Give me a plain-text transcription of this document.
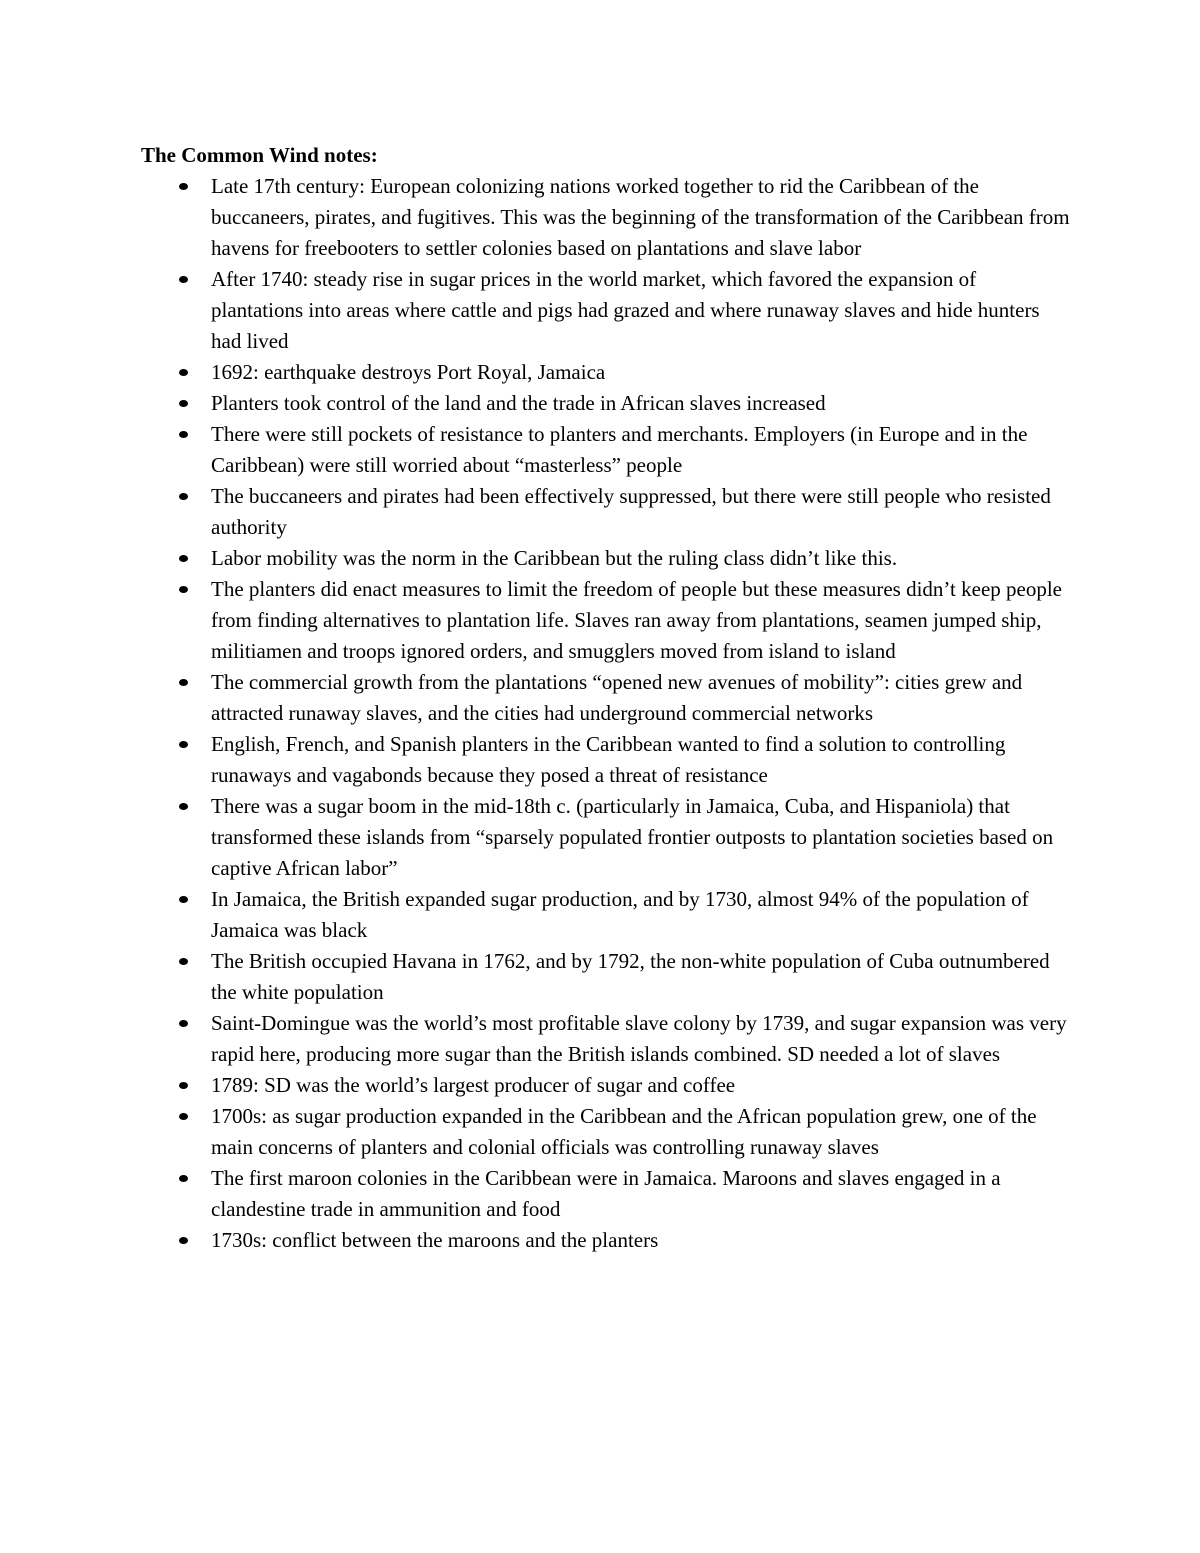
The Common Wind notes:
Late 17th century: European colonizing nations worked together to rid the Caribbean of the buccaneers, pirates, and fugitives. This was the beginning of the transformation of the Caribbean from havens for freebooters to settler colonies based on plantations and slave labor
After 1740: steady rise in sugar prices in the world market, which favored the expansion of plantations into areas where cattle and pigs had grazed and where runaway slaves and hide hunters had lived
1692: earthquake destroys Port Royal, Jamaica
Planters took control of the land and the trade in African slaves increased
There were still pockets of resistance to planters and merchants. Employers (in Europe and in the Caribbean) were still worried about “masterless” people
The buccaneers and pirates had been effectively suppressed, but there were still people who resisted authority
Labor mobility was the norm in the Caribbean but the ruling class didn’t like this.
The planters did enact measures to limit the freedom of people but these measures didn’t keep people from finding alternatives to plantation life. Slaves ran away from plantations, seamen jumped ship, militiamen and troops ignored orders, and smugglers moved from island to island
The commercial growth from the plantations “opened new avenues of mobility”: cities grew and attracted runaway slaves, and the cities had underground commercial networks
English, French, and Spanish planters in the Caribbean wanted to find a solution to controlling runaways and vagabonds because they posed a threat of resistance
There was a sugar boom in the mid-18th c. (particularly in Jamaica, Cuba, and Hispaniola) that transformed these islands from “sparsely populated frontier outposts to plantation societies based on captive African labor”
In Jamaica, the British expanded sugar production, and by 1730, almost 94% of the population of Jamaica was black
The British occupied Havana in 1762, and by 1792, the non-white population of Cuba outnumbered the white population
Saint-Domingue was the world’s most profitable slave colony by 1739, and sugar expansion was very rapid here, producing more sugar than the British islands combined. SD needed a lot of slaves
1789: SD was the world’s largest producer of sugar and coffee
1700s: as sugar production expanded in the Caribbean and the African population grew, one of the main concerns of planters and colonial officials was controlling runaway slaves
The first maroon colonies in the Caribbean were in Jamaica. Maroons and slaves engaged in a clandestine trade in ammunition and food
1730s: conflict between the maroons and the planters
